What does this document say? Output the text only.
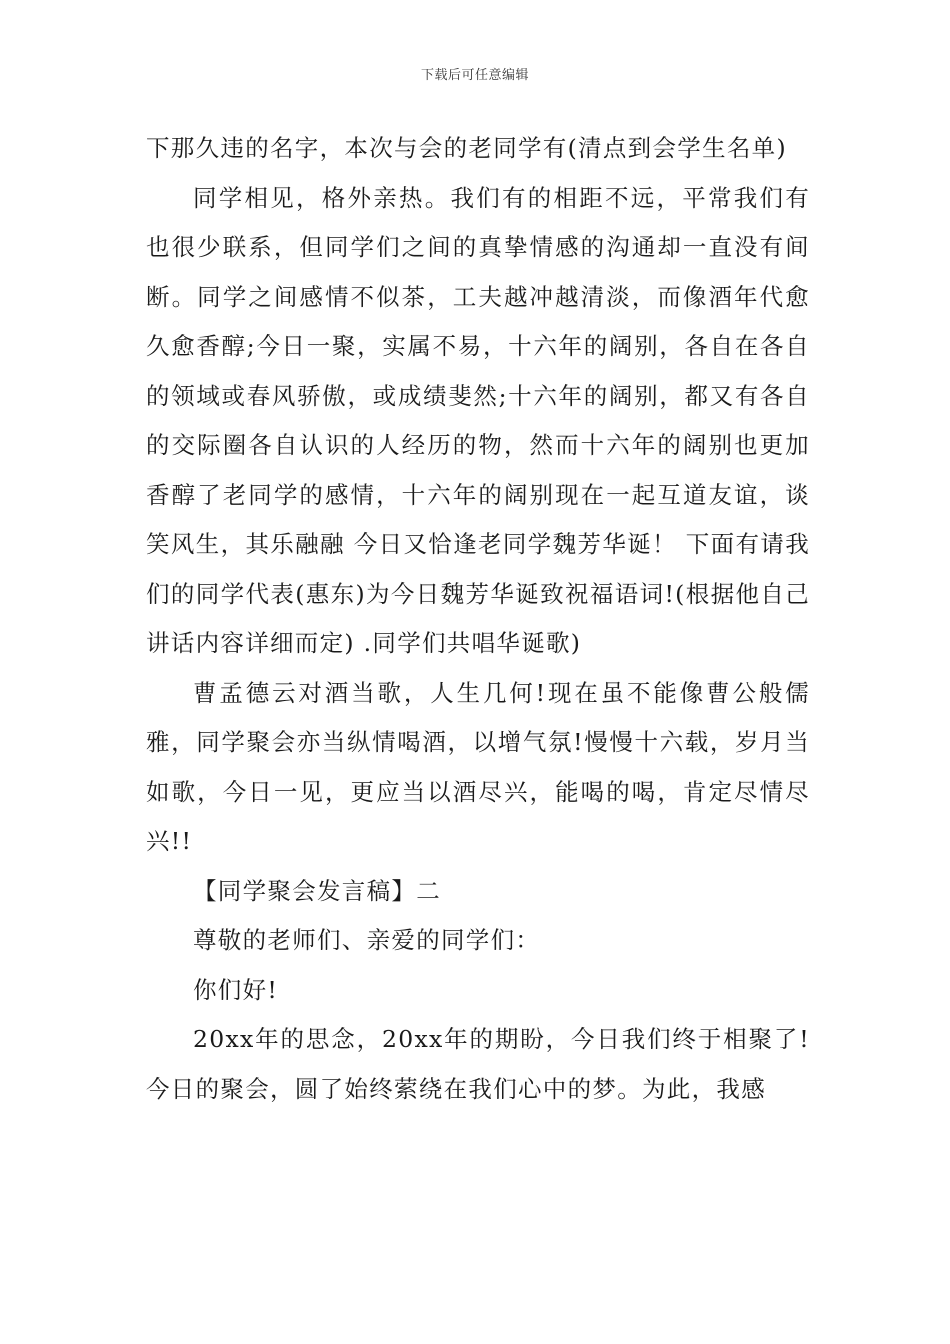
下载后可任意编辑

下那久违的名字，本次与会的老同学有(清点到会学生名单)

同学相见，格外亲热。我们有的相距不远，平常我们有也很少联系，但同学们之间的真挚情感的沟通却一直没有间断。同学之间感情不似茶，工夫越冲越清淡，而像酒年代愈久愈香醇;今日一聚，实属不易，十六年的阔别，各自在各自的领域或春风骄傲，或成绩斐然;十六年的阔别，都又有各自的交际圈各自认识的人经历的物，然而十六年的阔别也更加香醇了老同学的感情，十六年的阔别现在一起互道友谊，谈笑风生，其乐融融 今日又恰逢老同学魏芳华诞！ 下面有请我们的同学代表(惠东)为今日魏芳华诞致祝福语词!(根据他自己讲话内容详细而定) .同学们共唱华诞歌)

曹孟德云对酒当歌，人生几何!现在虽不能像曹公般儒雅，同学聚会亦当纵情喝酒，以增气氛!慢慢十六载，岁月当如歌，今日一见，更应当以酒尽兴，能喝的喝，肯定尽情尽兴!!

【同学聚会发言稿】二

尊敬的老师们、亲爱的同学们：

你们好!

20xx年的思念，20xx年的期盼，今日我们终于相聚了!今日的聚会，圆了始终萦绕在我们心中的梦。为此，我感
